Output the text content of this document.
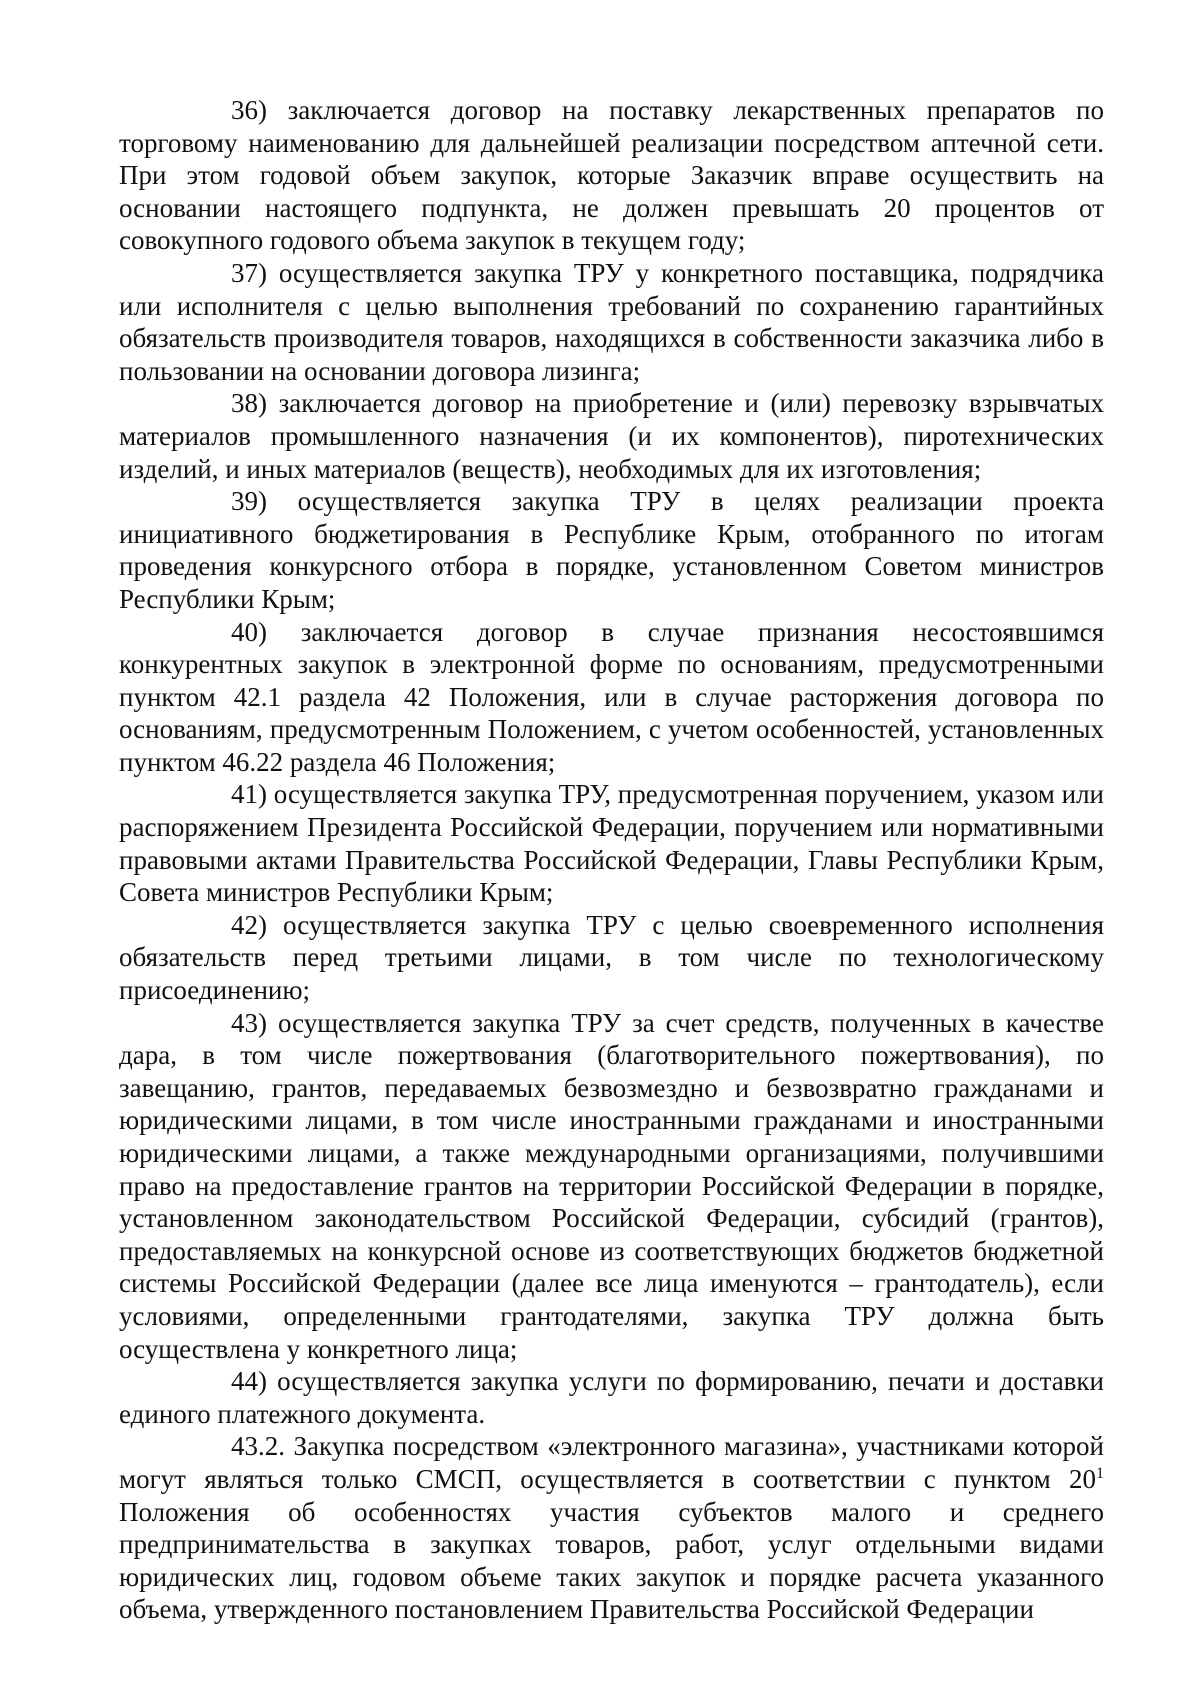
36) заключается договор на поставку лекарственных препаратов по торговому наименованию для дальнейшей реализации посредством аптечной сети. При этом годовой объем закупок, которые Заказчик вправе осуществить на основании настоящего подпункта, не должен превышать 20 процентов от совокупного годового объема закупок в текущем году;

37) осуществляется закупка ТРУ у конкретного поставщика, подрядчика или исполнителя с целью выполнения требований по сохранению гарантийных обязательств производителя товаров, находящихся в собственности заказчика либо в пользовании на основании договора лизинга;

38) заключается договор на приобретение и (или) перевозку взрывчатых материалов промышленного назначения (и их компонентов), пиротехнических изделий, и иных материалов (веществ), необходимых для их изготовления;

39) осуществляется закупка ТРУ в целях реализации проекта инициативного бюджетирования в Республике Крым, отобранного по итогам проведения конкурсного отбора в порядке, установленном Советом министров Республики Крым;

40) заключается договор в случае признания несостоявшимся конкурентных закупок в электронной форме по основаниям, предусмотренными пунктом 42.1 раздела 42 Положения, или в случае расторжения договора по основаниям, предусмотренным Положением, с учетом особенностей, установленных пунктом 46.22 раздела 46 Положения;

41) осуществляется закупка ТРУ, предусмотренная поручением, указом или распоряжением Президента Российской Федерации, поручением или нормативными правовыми актами Правительства Российской Федерации, Главы Республики Крым, Совета министров Республики Крым;

42) осуществляется закупка ТРУ с целью своевременного исполнения обязательств перед третьими лицами, в том числе по технологическому присоединению;

43) осуществляется закупка ТРУ за счет средств, полученных в качестве дара, в том числе пожертвования (благотворительного пожертвования), по завещанию, грантов, передаваемых безвозмездно и безвозвратно гражданами и юридическими лицами, в том числе иностранными гражданами и иностранными юридическими лицами, а также международными организациями, получившими право на предоставление грантов на территории Российской Федерации в порядке, установленном законодательством Российской Федерации, субсидий (грантов), предоставляемых на конкурсной основе из соответствующих бюджетов бюджетной системы Российской Федерации (далее все лица именуются – грантодатель), если условиями, определенными грантодателями, закупка ТРУ должна быть осуществлена у конкретного лица;

44) осуществляется закупка услуги по формированию, печати и доставки единого платежного документа.

43.2. Закупка посредством «электронного магазина», участниками которой могут являться только СМСП, осуществляется в соответствии с пунктом $20^1$ Положения об особенностях участия субъектов малого и среднего предпринимательства в закупках товаров, работ, услуг отдельными видами юридических лиц, годовом объеме таких закупок и порядке расчета указанного объема, утвержденного постановлением Правительства Российской Федерации
